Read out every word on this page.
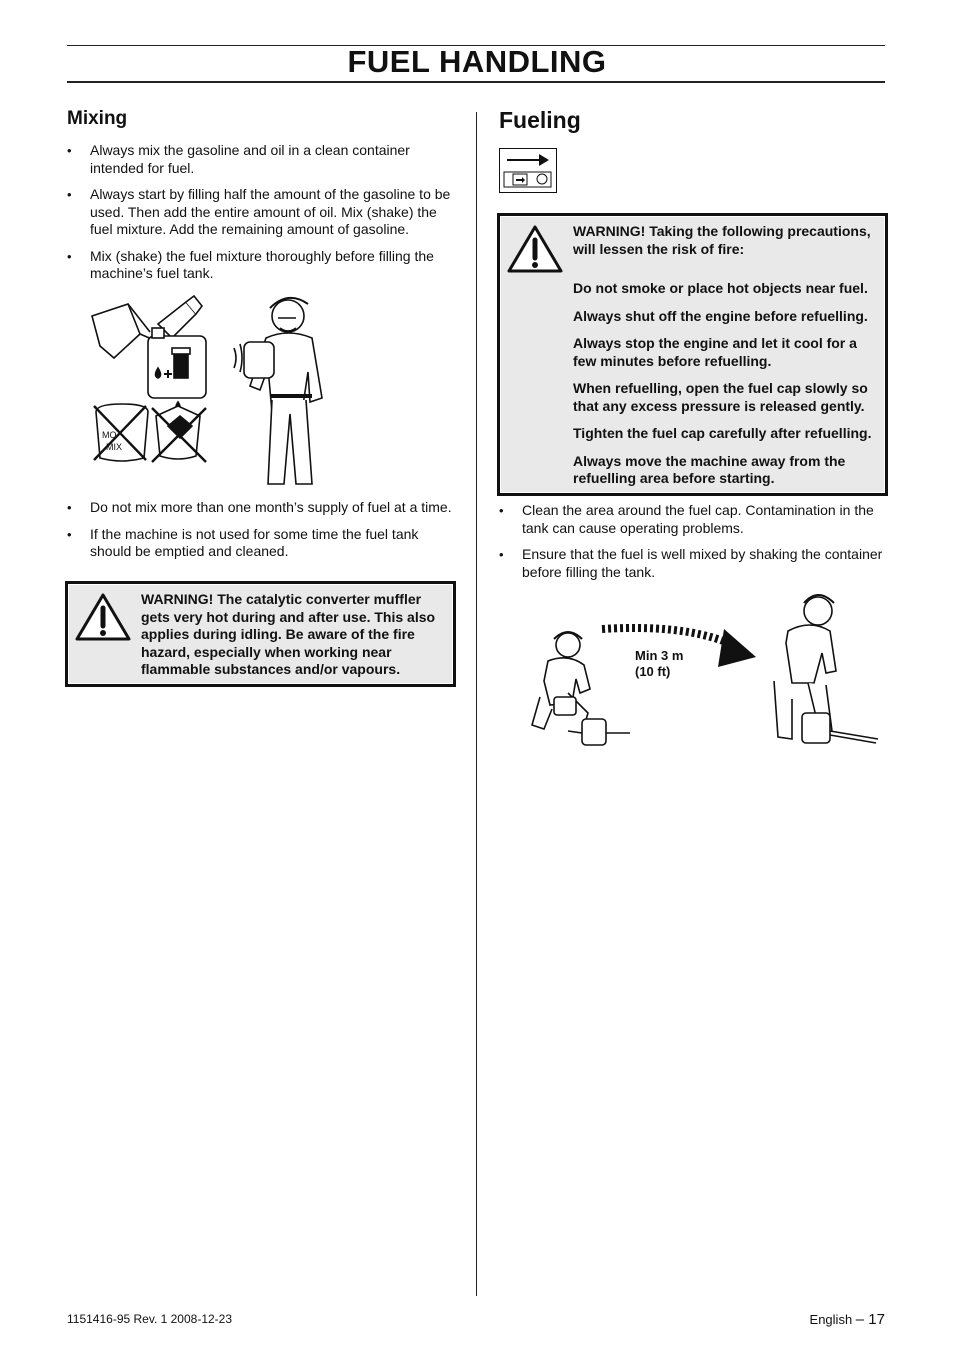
FUEL HANDLING
Mixing
• Always mix the gasoline and oil in a clean container intended for fuel.
• Always start by filling half the amount of the gasoline to be used. Then add the entire amount of oil. Mix (shake) the fuel mixture. Add the remaining amount of gasoline.
• Mix (shake) the fuel mixture thoroughly before filling the machine’s fuel tank.
MO
MIX
• Do not mix more than one month’s supply of fuel at a time.
• If the machine is not used for some time the fuel tank should be emptied and cleaned.
WARNING! The catalytic converter muffler gets very hot during and after use. This also applies during idling. Be aware of the fire hazard, especially when working near flammable substances and/or vapours.
Fueling

WARNING! Taking the following precautions, will lessen the risk of fire:

Do not smoke or place hot objects near fuel.

Always shut off the engine before refuelling.

Always stop the engine and let it cool for a few minutes before refuelling.

When refuelling, open the fuel cap slowly so that any excess pressure is released gently.

Tighten the fuel cap carefully after refuelling.

Always move the machine away from the refuelling area before starting.

• Clean the area around the fuel cap. Contamination in the tank can cause operating problems.
• Ensure that the fuel is well mixed by shaking the container before filling the tank.
Min 3 m
(10 ft)
1151416-95 Rev. 1 2008-12-23	English – 17
